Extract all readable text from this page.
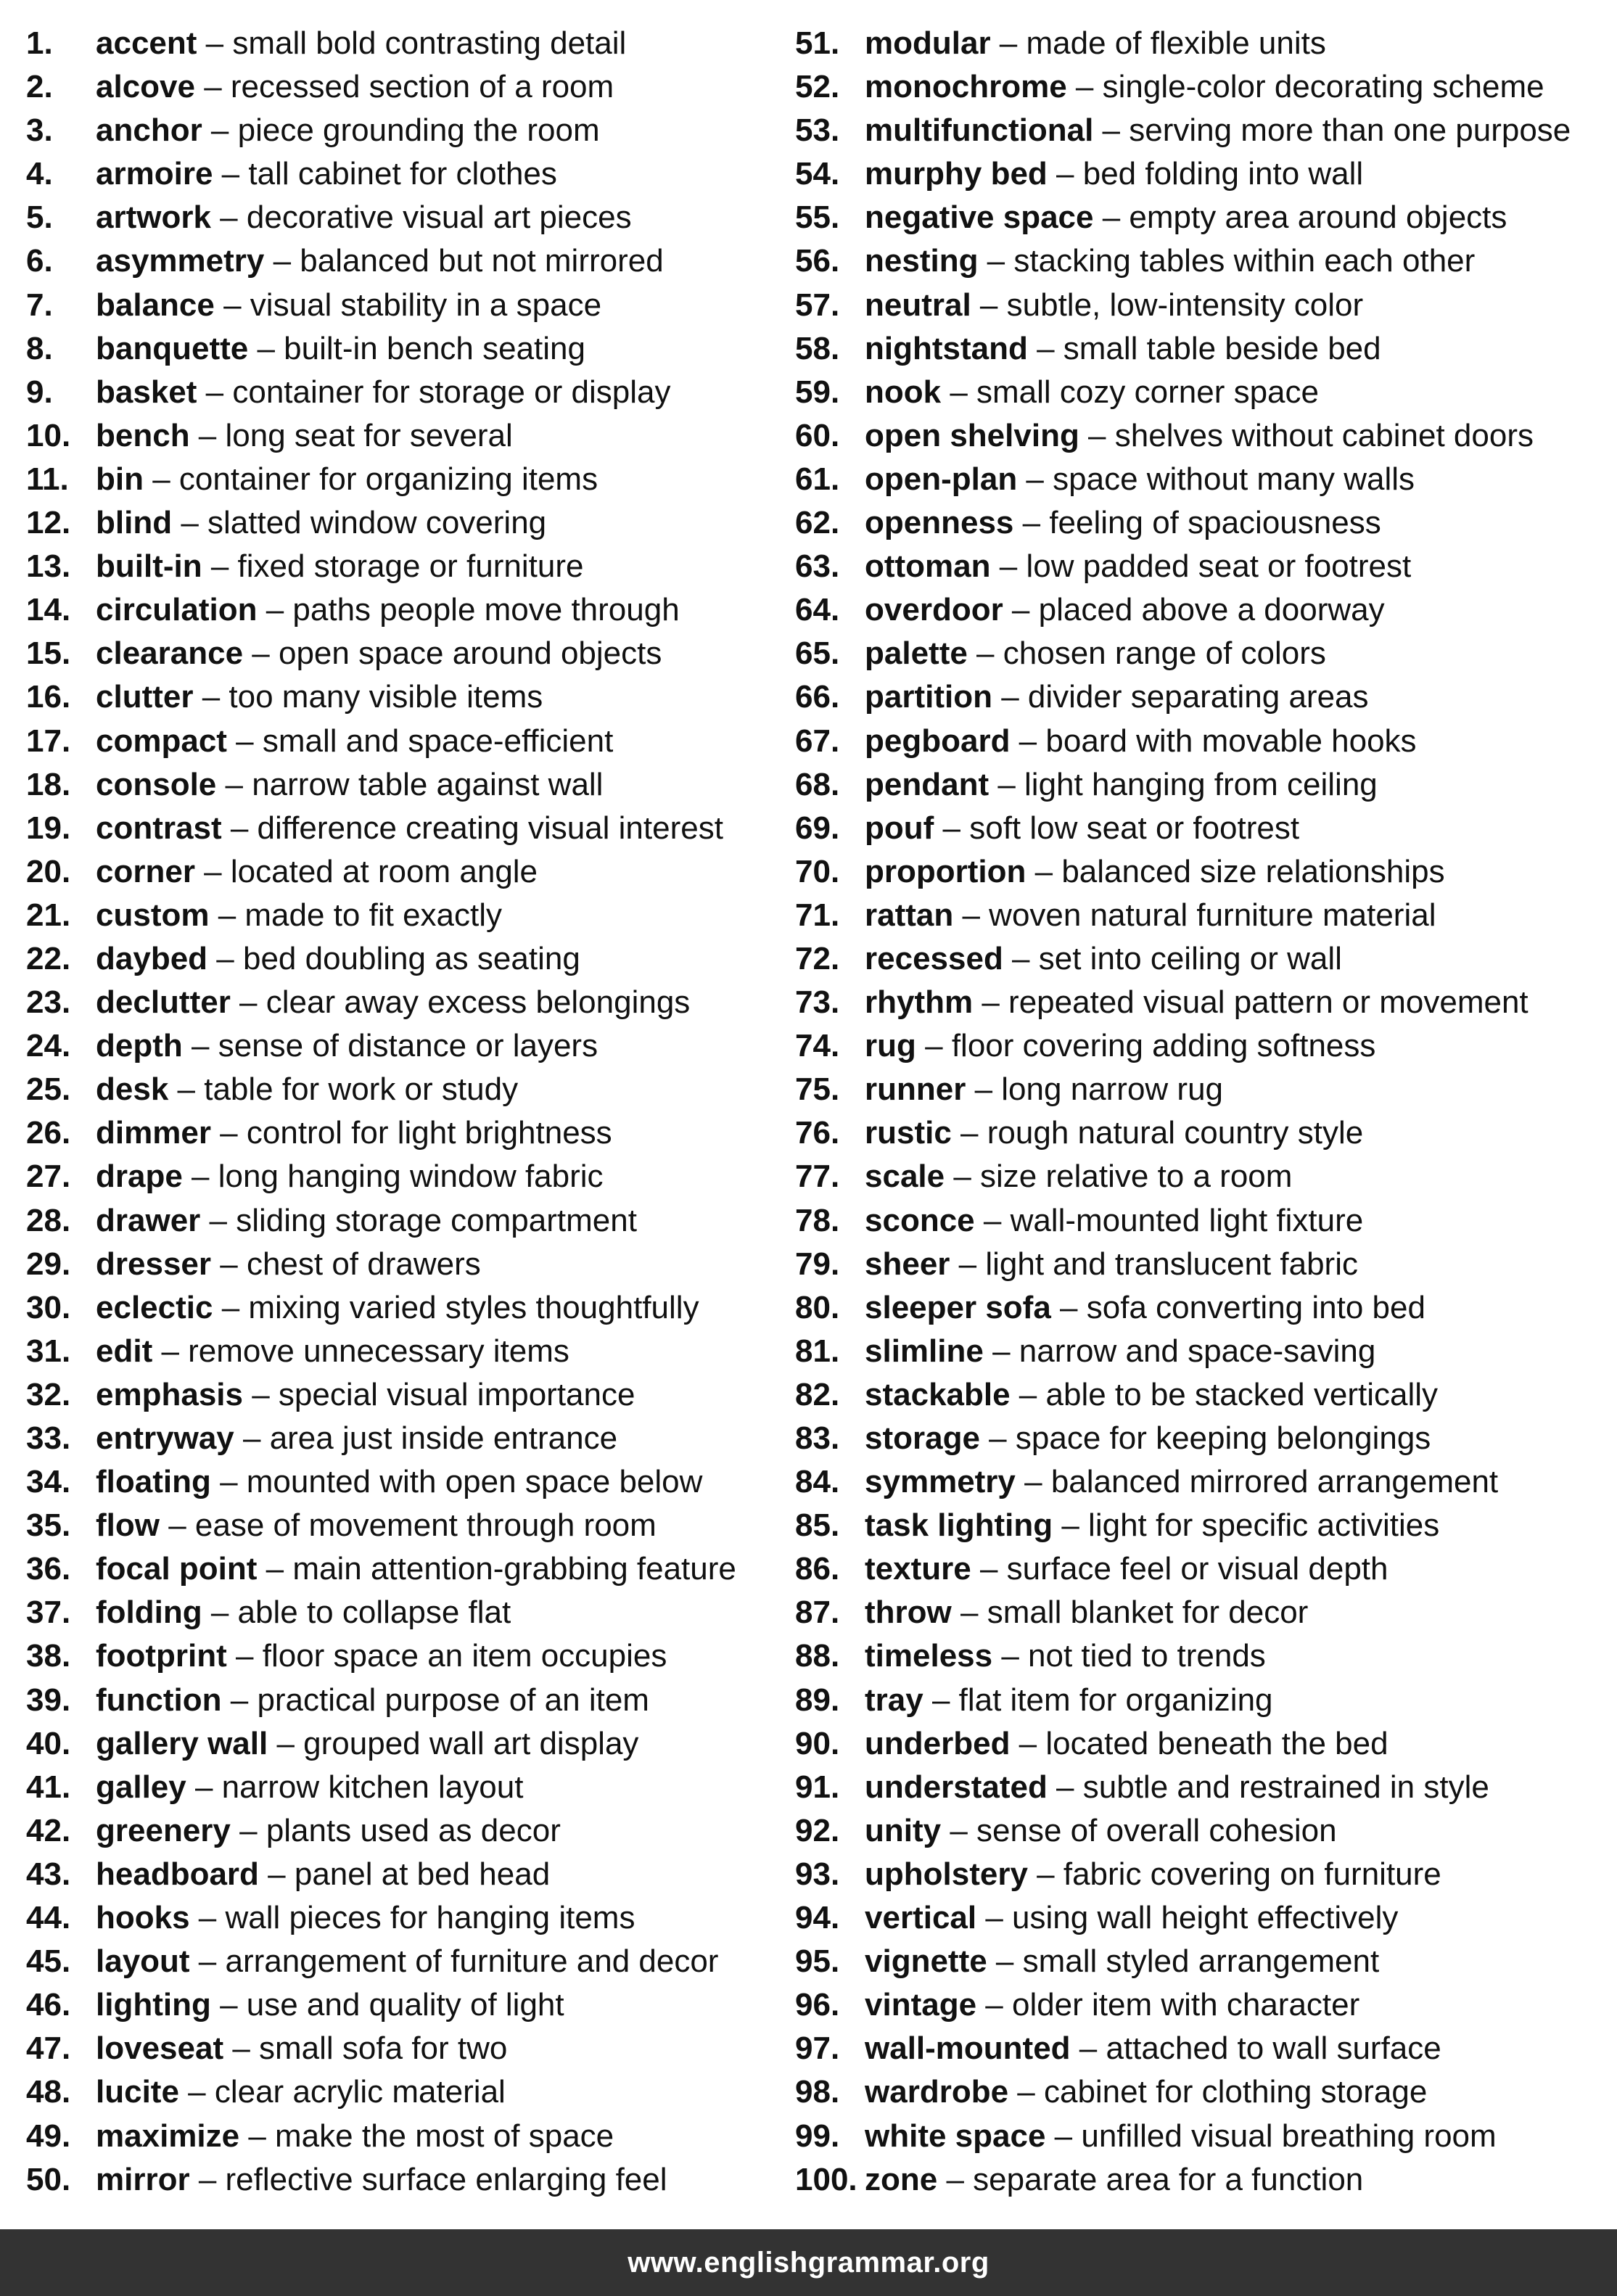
1. accent – small bold contrasting detail
2. alcove – recessed section of a room
3. anchor – piece grounding the room
4. armoire – tall cabinet for clothes
5. artwork – decorative visual art pieces
6. asymmetry – balanced but not mirrored
7. balance – visual stability in a space
8. banquette – built-in bench seating
9. basket – container for storage or display
10. bench – long seat for several
11. bin – container for organizing items
12. blind – slatted window covering
13. built-in – fixed storage or furniture
14. circulation – paths people move through
15. clearance – open space around objects
16. clutter – too many visible items
17. compact – small and space-efficient
18. console – narrow table against wall
19. contrast – difference creating visual interest
20. corner – located at room angle
21. custom – made to fit exactly
22. daybed – bed doubling as seating
23. declutter – clear away excess belongings
24. depth – sense of distance or layers
25. desk – table for work or study
26. dimmer – control for light brightness
27. drape – long hanging window fabric
28. drawer – sliding storage compartment
29. dresser – chest of drawers
30. eclectic – mixing varied styles thoughtfully
31. edit – remove unnecessary items
32. emphasis – special visual importance
33. entryway – area just inside entrance
34. floating – mounted with open space below
35. flow – ease of movement through room
36. focal point – main attention-grabbing feature
37. folding – able to collapse flat
38. footprint – floor space an item occupies
39. function – practical purpose of an item
40. gallery wall – grouped wall art display
41. galley – narrow kitchen layout
42. greenery – plants used as decor
43. headboard – panel at bed head
44. hooks – wall pieces for hanging items
45. layout – arrangement of furniture and decor
46. lighting – use and quality of light
47. loveseat – small sofa for two
48. lucite – clear acrylic material
49. maximize – make the most of space
50. mirror – reflective surface enlarging feel
51. modular – made of flexible units
52. monochrome – single-color decorating scheme
53. multifunctional – serving more than one purpose
54. murphy bed – bed folding into wall
55. negative space – empty area around objects
56. nesting – stacking tables within each other
57. neutral – subtle, low-intensity color
58. nightstand – small table beside bed
59. nook – small cozy corner space
60. open shelving – shelves without cabinet doors
61. open-plan – space without many walls
62. openness – feeling of spaciousness
63. ottoman – low padded seat or footrest
64. overdoor – placed above a doorway
65. palette – chosen range of colors
66. partition – divider separating areas
67. pegboard – board with movable hooks
68. pendant – light hanging from ceiling
69. pouf – soft low seat or footrest
70. proportion – balanced size relationships
71. rattan – woven natural furniture material
72. recessed – set into ceiling or wall
73. rhythm – repeated visual pattern or movement
74. rug – floor covering adding softness
75. runner – long narrow rug
76. rustic – rough natural country style
77. scale – size relative to a room
78. sconce – wall-mounted light fixture
79. sheer – light and translucent fabric
80. sleeper sofa – sofa converting into bed
81. slimline – narrow and space-saving
82. stackable – able to be stacked vertically
83. storage – space for keeping belongings
84. symmetry – balanced mirrored arrangement
85. task lighting – light for specific activities
86. texture – surface feel or visual depth
87. throw – small blanket for decor
88. timeless – not tied to trends
89. tray – flat item for organizing
90. underbed – located beneath the bed
91. understated – subtle and restrained in style
92. unity – sense of overall cohesion
93. upholstery – fabric covering on furniture
94. vertical – using wall height effectively
95. vignette – small styled arrangement
96. vintage – older item with character
97. wall-mounted – attached to wall surface
98. wardrobe – cabinet for clothing storage
99. white space – unfilled visual breathing room
100. zone – separate area for a function
www.englishgrammar.org
